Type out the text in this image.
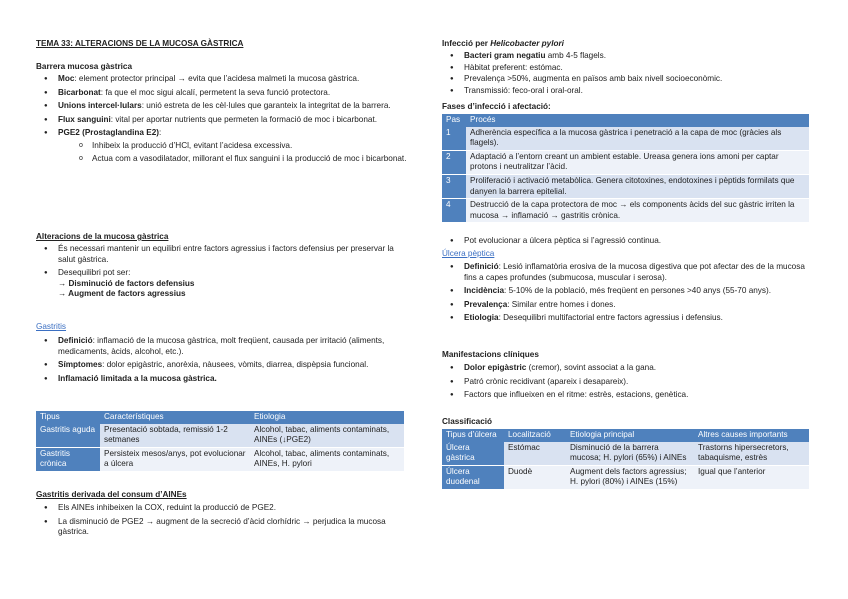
TEMA 33: ALTERACIONS DE LA MUCOSA GÀSTRICA
Barrera mucosa gàstrica
● Moc: element protector principal → evita que l’acidesa malmeti la mucosa gàstrica.
● Bicarbonat: fa que el moc sigui alcalí, permetent la seva funció protectora.
● Unions intercel·lulars: unió estreta de les cèl·lules que garanteix la integritat de la barrera.
● Flux sanguini: vital per aportar nutrients que permeten la formació de moc i bicarbonat.
● PGE2 (Prostaglandina E2):
o Inhibeix la producció d’HCl, evitant l’acidesa excessiva.
o Actua com a vasodilatador, millorant el flux sanguini i la producció de moc i bicarbonat.
Alteracions de la mucosa gàstrica
● És necessari mantenir un equilibri entre factors agressius i factors defensius per preservar la salut gàstrica.
● Desequilibri pot ser:
→ Disminució de factors defensius
→ Augment de factors agressius
Gastritis
● Definició: inflamació de la mucosa gàstrica, molt freqüent, causada per irritació (aliments, medicaments, àcids, alcohol, etc.).
● Símptomes: dolor epigàstric, anorèxia, nàusees, vòmits, diarrea, dispèpsia funcional.
● Inflamació limitada a la mucosa gàstrica.
Tipus	Característiques	Etiologia
Gastritis aguda	Presentació sobtada, remissió 1-2 setmanes	Alcohol, tabac, aliments contaminats, AINEs (↓PGE2)
Gastritis crònica	Persisteix mesos/anys, pot evolucionar a úlcera	Alcohol, tabac, aliments contaminats, AINEs, H. pylori
Gastritis derivada del consum d’AINEs
● Els AINEs inhibeixen la COX, reduint la producció de PGE2.
● La disminució de PGE2 → augment de la secreció d’àcid clorhídric → perjudica la mucosa gàstrica.
Infecció per Helicobacter pylori
● Bacteri gram negatiu amb 4-5 flagels.
● Hàbitat preferent: estómac.
● Prevalença >50%, augmenta en països amb baix nivell socioeconòmic.
● Transmissió: feco-oral i oral-oral.
Fases d’infecció i afectació:
Pas	Procés
1	Adherència específica a la mucosa gàstrica i penetració a la capa de moc (gràcies als flagels).
2	Adaptació a l’entorn creant un ambient estable. Ureasa genera ions amoni per captar protons i neutralitzar l’àcid.
3	Proliferació i activació metabòlica. Genera citotoxines, endotoxines i pèptids formilats que danyen la barrera epitelial.
4	Destrucció de la capa protectora de moc → els components àcids del suc gàstric irriten la mucosa → inflamació → gastritis crònica.
● Pot evolucionar a úlcera pèptica si l’agressió continua.
Úlcera pèptica
● Definició: Lesió inflamatòria erosiva de la mucosa digestiva que pot afectar des de la mucosa fins a capes profundes (submucosa, muscular i serosa).
● Incidència: 5-10% de la població, més freqüent en persones >40 anys (55-70 anys).
● Prevalença: Similar entre homes i dones.
● Etiologia: Desequilibri multifactorial entre factors agressius i defensius.
Manifestacions clíniques
● Dolor epigàstric (cremor), sovint associat a la gana.
● Patró crònic recidivant (apareix i desapareix).
● Factors que influeixen en el ritme: estrès, estacions, genètica.
Classificació
Tipus d’úlcera	Localització	Etiologia principal	Altres causes importants
Úlcera gàstrica	Estómac	Disminució de la barrera mucosa; H. pylori (65%) i AINEs	Trastorns hipersecretors, tabaquisme, estrès
Úlcera duodenal	Duodè	Augment dels factors agressius; H. pylori (80%) i AINEs (15%)	Igual que l’anterior
